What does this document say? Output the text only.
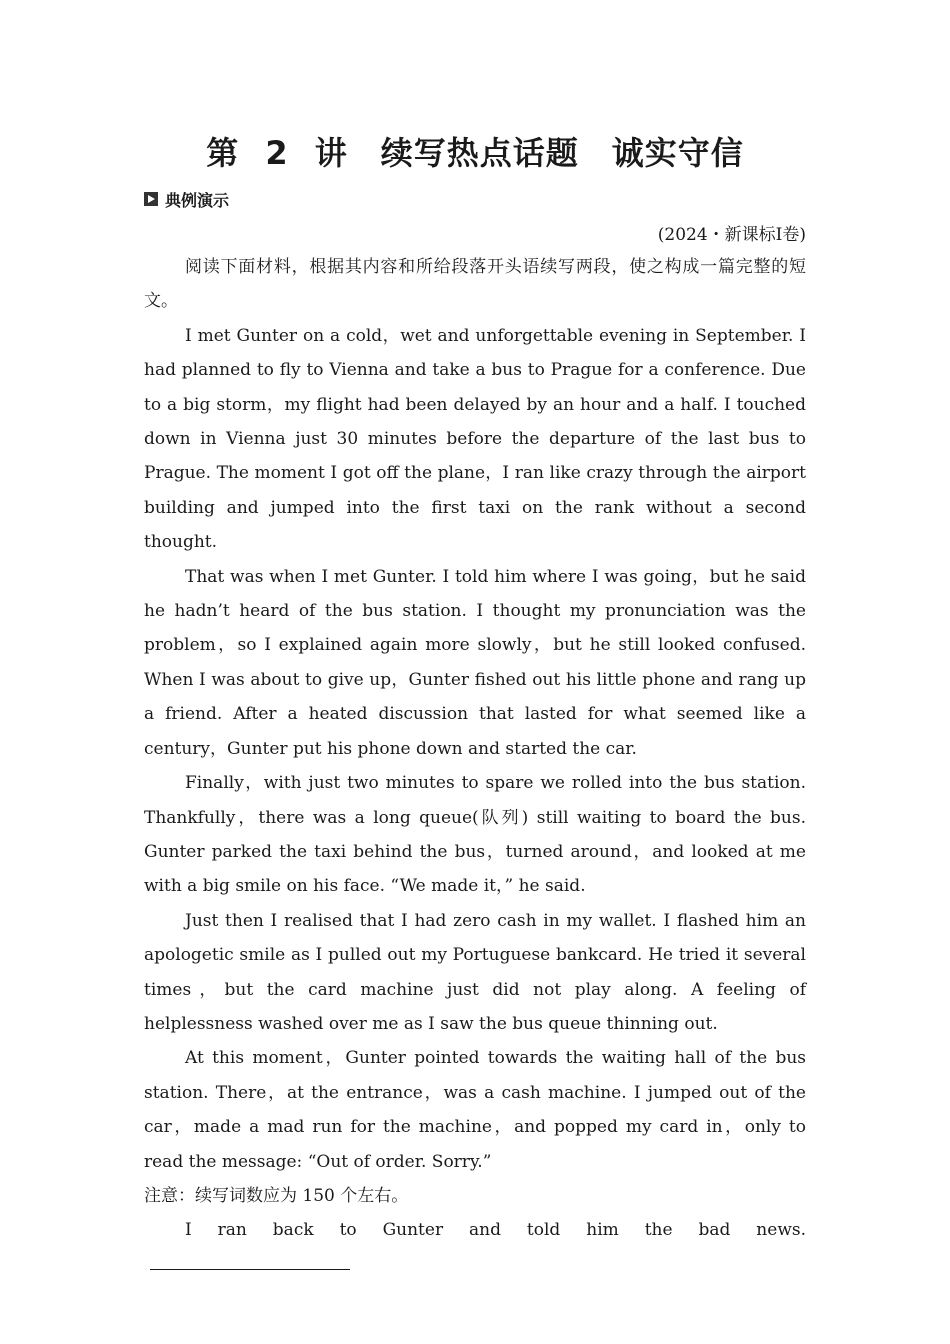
第 2 讲　续写热点话题　诚实守信
典例演示
(2024・新课标Ⅰ卷)

阅读下面材料，根据其内容和所给段落开头语续写两段，使之构成一篇完整的短文。

I met Gunter on a cold，wet and unforgettable evening in September. I had planned to fly to Vienna and take a bus to Prague for a conference. Due to a big storm，my flight had been delayed by an hour and a half. I touched down in Vienna just 30 minutes before the departure of the last bus to Prague. The moment I got off the plane，I ran like crazy through the airport building and jumped into the first taxi on the rank without a second thought.

That was when I met Gunter. I told him where I was going，but he said he hadn’t heard of the bus station. I thought my pronunciation was the problem，so I explained again more slowly，but he still looked confused. When I was about to give up，Gunter fished out his little phone and rang up a friend. After a heated discussion that lasted for what seemed like a century，Gunter put his phone down and started the car.

Finally，with just two minutes to spare we rolled into the bus station. Thankfully，there was a long queue(队列) still waiting to board the bus. Gunter parked the taxi behind the bus，turned around，and looked at me with a big smile on his face. “We made it，” he said.

Just then I realised that I had zero cash in my wallet. I flashed him an apologetic smile as I pulled out my Portuguese bankcard. He tried it several times，but the card machine just did not play along. A feeling of helplessness washed over me as I saw the bus queue thinning out.

At this moment，Gunter pointed towards the waiting hall of the bus station. There，at the entrance，was a cash machine. I jumped out of the car，made a mad run for the machine，and popped my card in，only to read the message: “Out of order. Sorry.”

注意：续写词数应为 150 个左右。

I ran back to Gunter and told him the bad news.
